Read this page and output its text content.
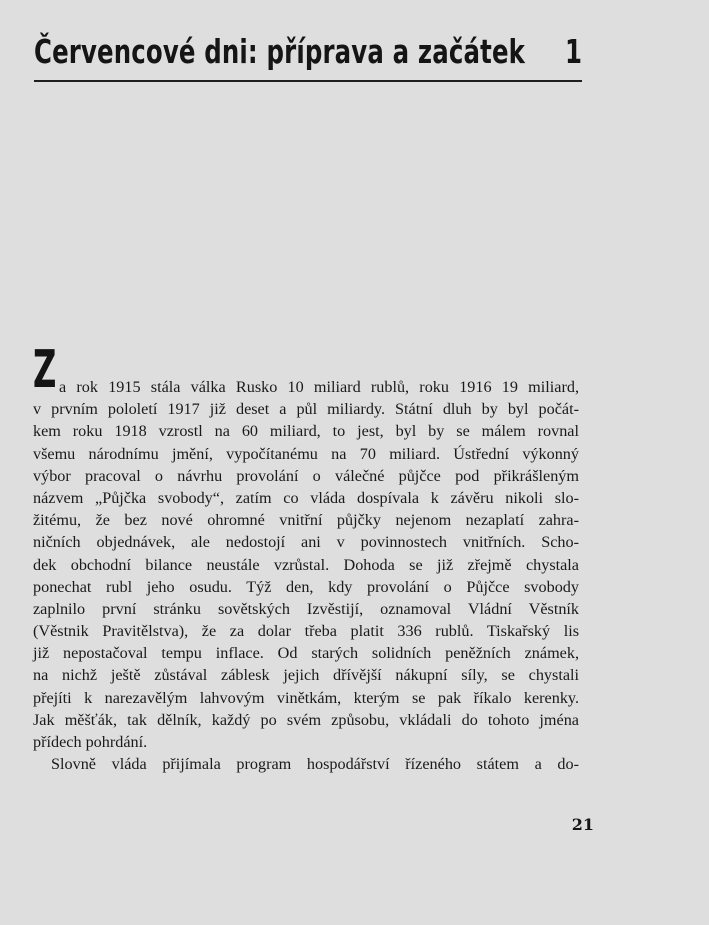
Červencové dni: příprava a začátek 1
Z a rok 1915 stála válka Rusko 10 miliard rublů, roku 1916 19 miliard,
v prvním pololetí 1917 již deset a půl miliardy. Státní dluh by byl počát-
kem roku 1918 vzrostl na 60 miliard, to jest, byl by se málem rovnal
všemu národnímu jmění, vypočítanému na 70 miliard. Ústřední výkonný
výbor pracoval o návrhu provolání o válečné půjčce pod přikrášleným
názvem „Půjčka svobody“, zatím co vláda dospívala k závěru nikoli slo-
žitému, že bez nové ohromné vnitřní půjčky nejenom nezaplatí zahra-
ničních objednávek, ale nedostojí ani v povinnostech vnitřních. Scho-
dek obchodní bilance neustále vzrůstal. Dohoda se již zřejmě chystala
ponechat rubl jeho osudu. Týž den, kdy provolání o Půjčce svobody
zaplnilo první stránku sovětských Izvěstijí, oznamoval Vládní Věstník
(Věstnik Pravitělstva), že za dolar třeba platit 336 rublů. Tiskařský lis
již nepostačoval tempu inflace. Od starých solidních peněžních známek,
na nichž ještě zůstával záblesk jejich dřívější nákupní síly, se chystali
přejíti k narezavělým lahvovým vinětkám, kterým se pak říkalo kerenky.
Jak měšťák, tak dělník, každý po svém způsobu, vkládali do tohoto jména
přídech pohrdání.
Slovně vláda přijímala program hospodářství řízeného státem a do-
21
